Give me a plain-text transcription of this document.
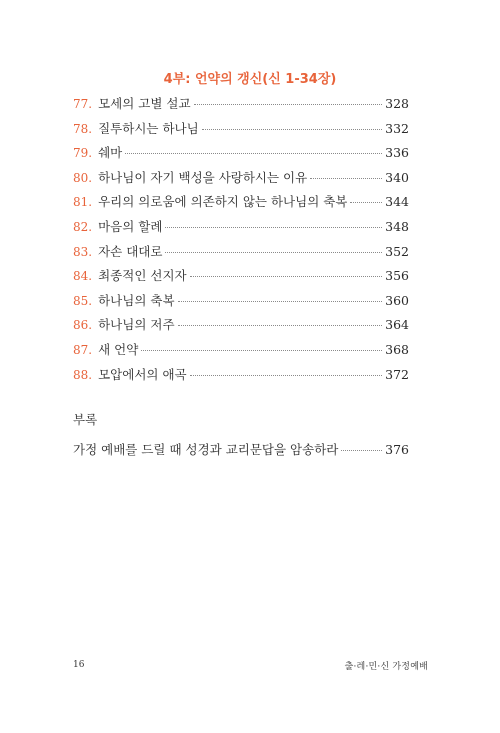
4부: 언약의 갱신(신 1-34장)
77. 모세의 고별 설교	328
78. 질투하시는 하나님	332
79. 쉐마	336
80. 하나님이 자기 백성을 사랑하시는 이유	340
81. 우리의 의로움에 의존하지 않는 하나님의 축복	344
82. 마음의 할례	348
83. 자손 대대로	352
84. 최종적인 선지자	356
85. 하나님의 축복	360
86. 하나님의 저주	364
87. 새 언약	368
88. 모압에서의 애곡	372
부록
가정 예배를 드릴 때 성경과 교리문답을 암송하라	376
16	출·레·민·신 가정예배
